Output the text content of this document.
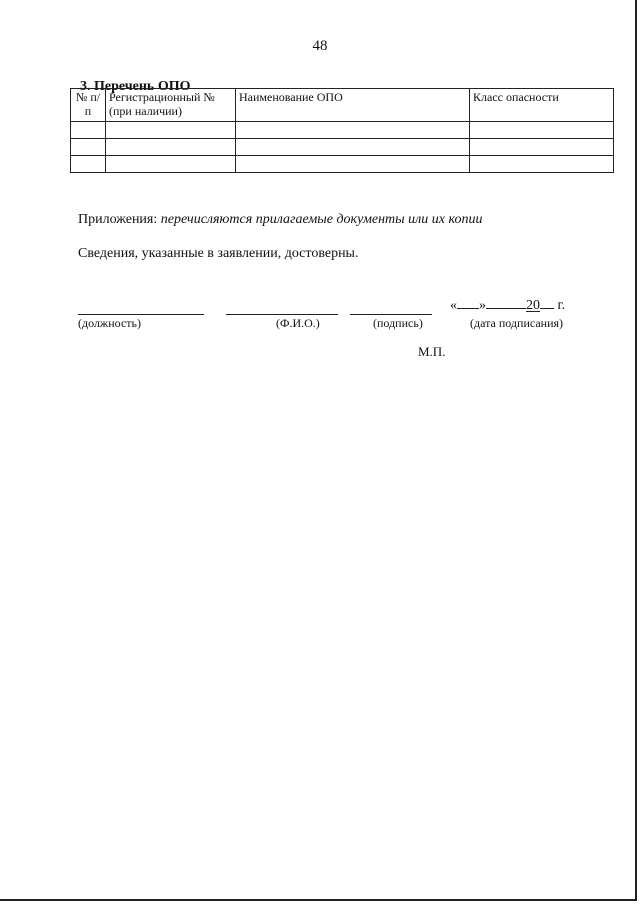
48
3. Перечень ОПО
№ п/п	Регистрационный № (при наличии)	Наименование ОПО	Класс опасности

Приложения: перечисляются прилагаемые документы или их копии
Сведения, указанные в заявлении, достоверны.
(должность)	(Ф.И.О.)	(подпись)
« »	20 г.
(дата подписания)
М.П.
